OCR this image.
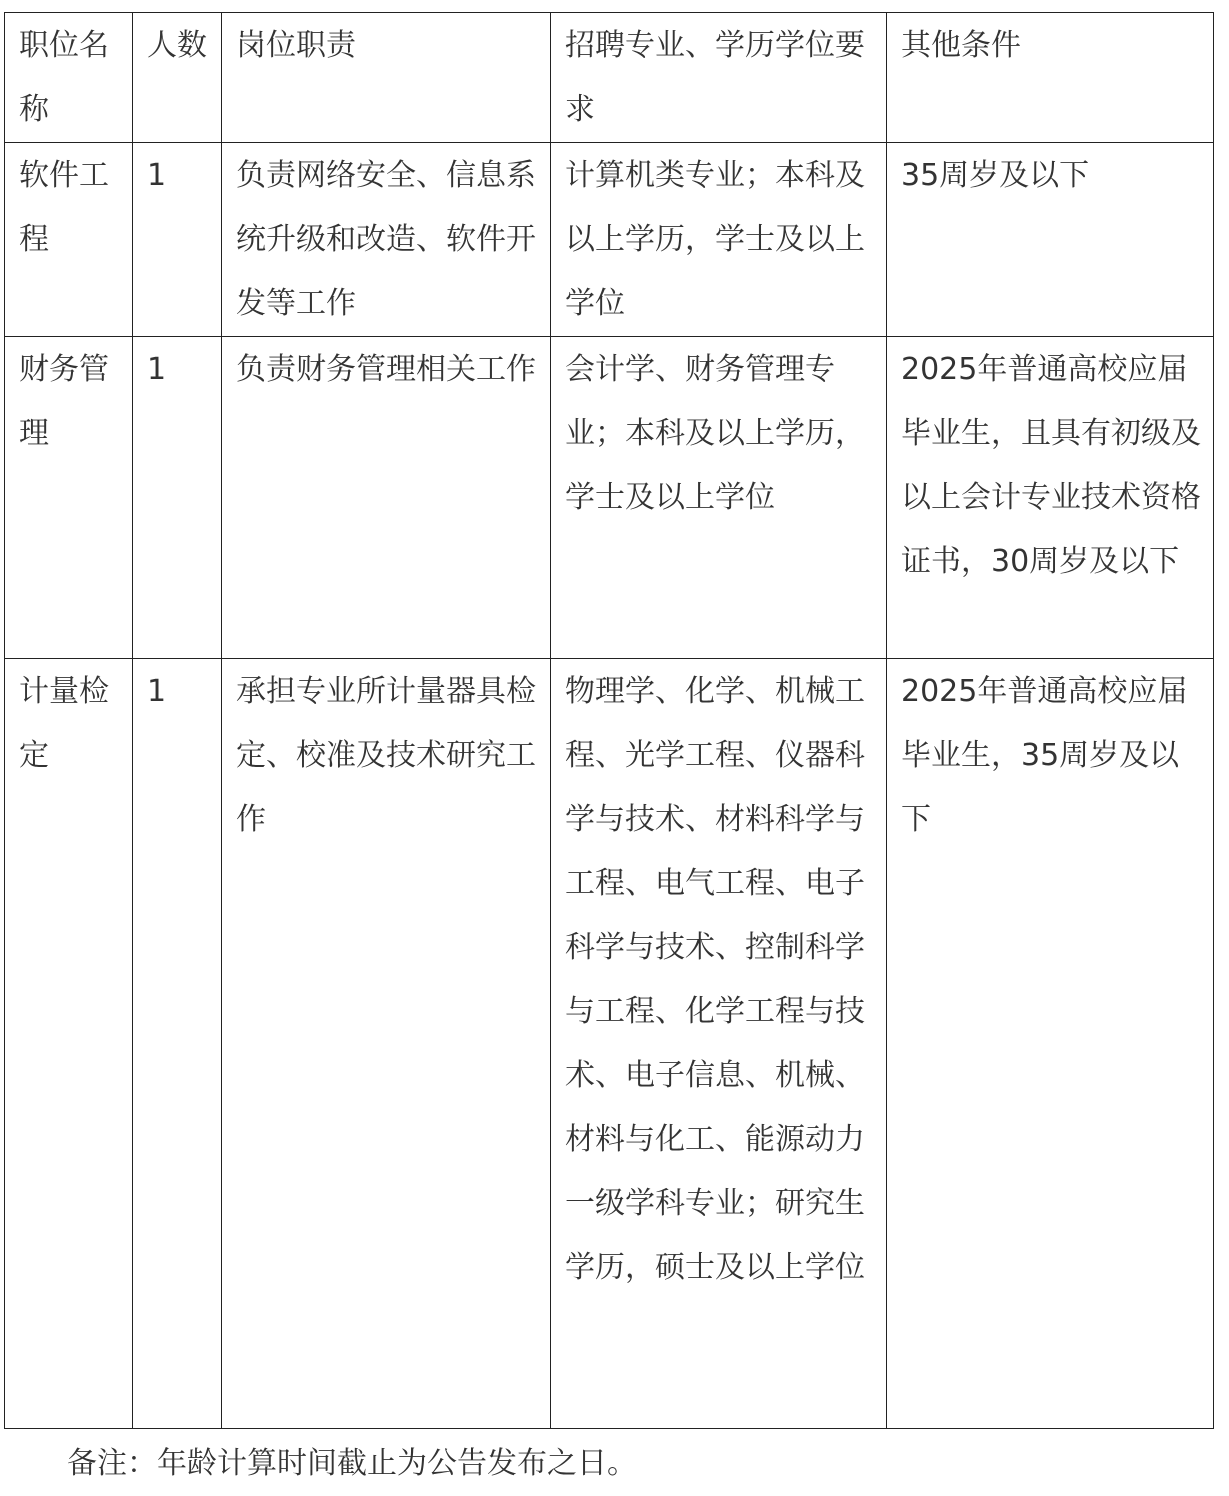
职位名称	人数	岗位职责	招聘专业、学历学位要求	其他条件

软件工程	1	负责网络安全、信息系统升级和改造、软件开发等工作	计算机类专业；本科及以上学历，学士及以上学位	35周岁及以下

财务管理	1	负责财务管理相关工作	会计学、财务管理专业；本科及以上学历，学士及以上学位	2025年普通高校应届毕业生，且具有初级及以上会计专业技术资格证书，30周岁及以下

计量检定	1	承担专业所计量器具检定、校准及技术研究工作	物理学、化学、机械工程、光学工程、仪器科学与技术、材料科学与工程、电气工程、电子科学与技术、控制科学与工程、化学工程与技术、电子信息、机械、材料与化工、能源动力一级学科专业；研究生学历，硕士及以上学位	2025年普通高校应届毕业生，35周岁及以下
备注：年龄计算时间截止为公告发布之日。
